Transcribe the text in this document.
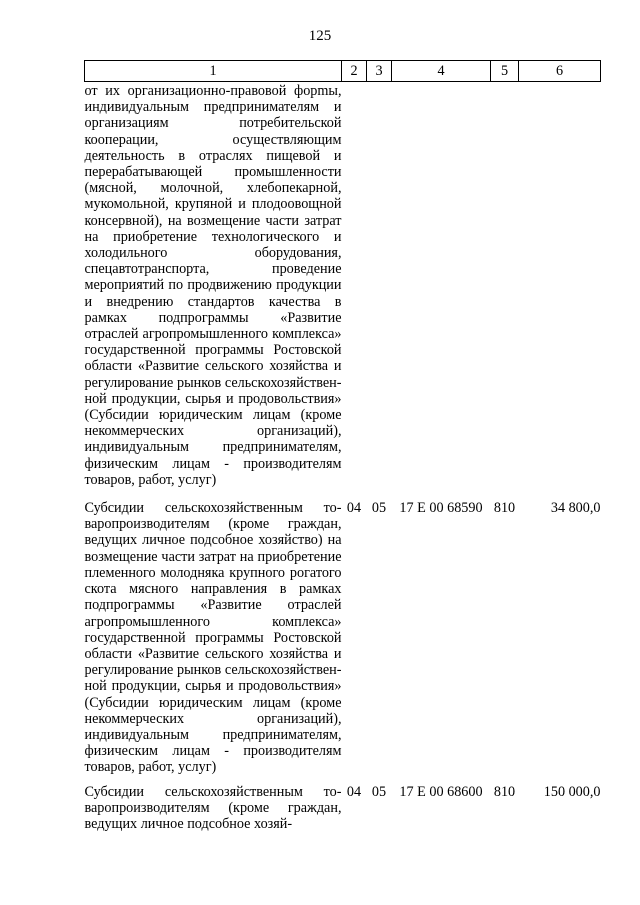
125
1	2	3	4	5	6
от их организационно-правовой форmы, индивидуальным предпринимателям и организациям потребительской кооперации, осуществляющим деятельность в отраслях пищевой и перерабатывающей промышленности (мясной, молочной, хлебопекарной, мукомольной, крупяной и плодоовощной консервной), на возмещение части затрат на приобретение технологического и холодильного оборудования, спецавтотранспорта, проведение мероприятий по продвижению продукции и внедрению стандартов качества в рамках подпрограммы «Развитие отраслей агропромышленного комплекса» государственной программы Ростовской области «Развитие сельского хозяйства и регулирование рынков сельскохозяйственной продукции, сырья и продовольствия» (Субсидии юридическим лицам (кроме некоммерческих организаций), индивидуальным предпринимателям, физическим лицам - производителям товаров, работ, услуг)					
Субсидии сельскохозяйственным товаропроизводителям (кроме граждан, ведущих личное подсобное хозяйство) на возмещение части затрат на приобретение племенного молодняка крупного рогатого скота мясного направления в рамках подпрограммы «Развитие отраслей агропромышленного комплекса» государственной программы Ростовской области «Развитие сельского хозяйства и регулирование рынков сельскохозяйственной продукции, сырья и продовольствия» (Субсидии юридическим лицам (кроме некоммерческих организаций), индивидуальным предпринимателям, физическим лицам - производителям товаров, работ, услуг)	04	05	17 Е 00 68590	810	34 800,0
Субсидии сельскохозяйственным товаропроизводителям (кроме граждан, ведущих личное подсобное хозяй-	04	05	17 Е 00 68600	810	150 000,0
